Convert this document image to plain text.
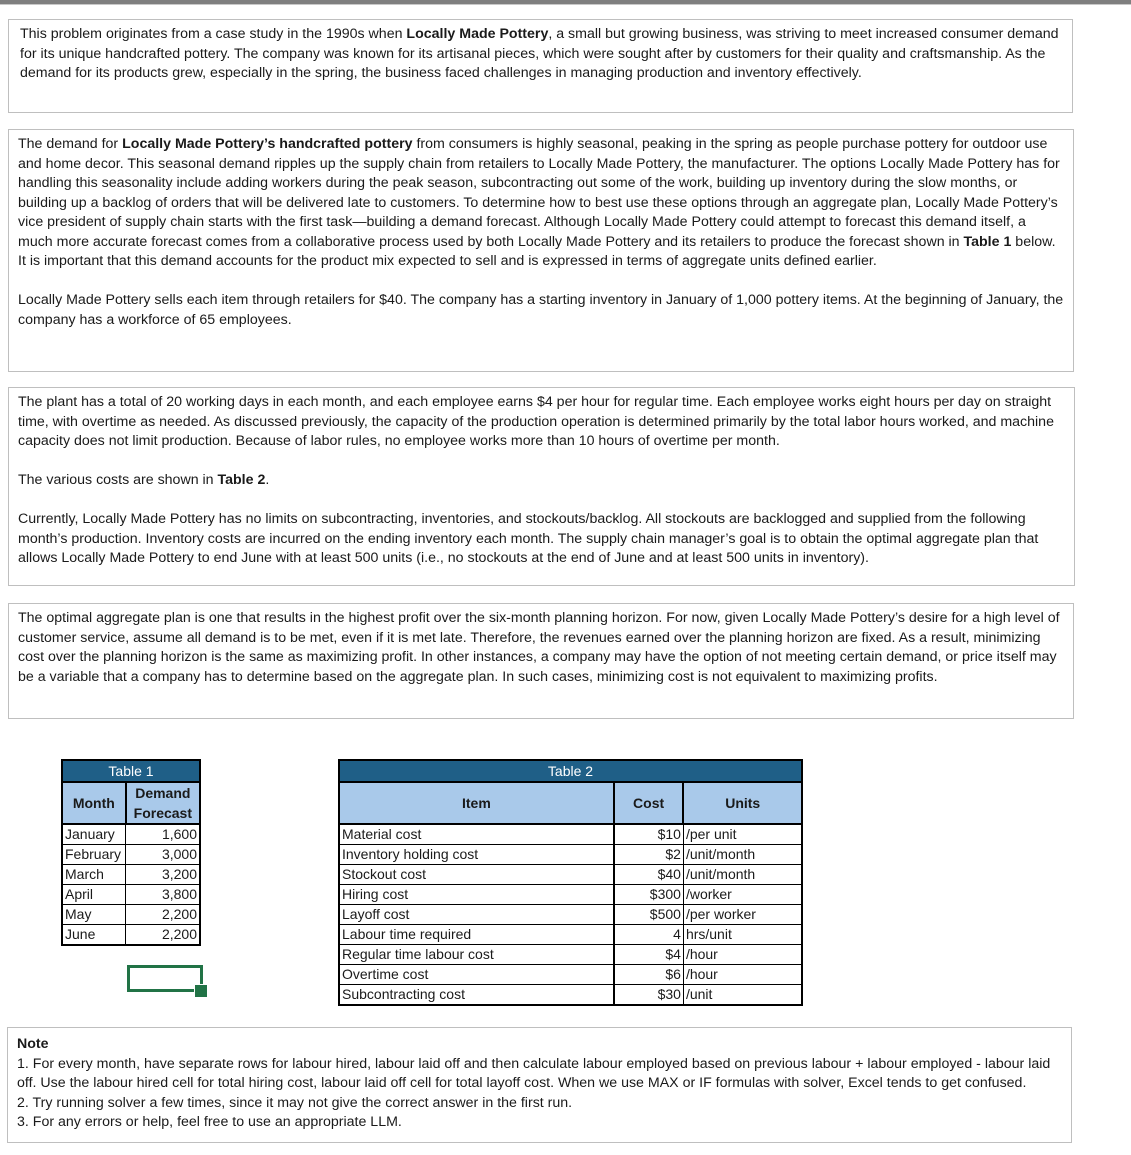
This problem originates from a case study in the 1990s when Locally Made Pottery, a small but growing business, was striving to meet increased consumer demand for its unique handcrafted pottery. The company was known for its artisanal pieces, which were sought after by customers for their quality and craftsmanship. As the demand for its products grew, especially in the spring, the business faced challenges in managing production and inventory effectively.

The demand for Locally Made Pottery’s handcrafted pottery from consumers is highly seasonal, peaking in the spring as people purchase pottery for outdoor use and home decor. This seasonal demand ripples up the supply chain from retailers to Locally Made Pottery, the manufacturer. The options Locally Made Pottery has for handling this seasonality include adding workers during the peak season, subcontracting out some of the work, building up inventory during the slow months, or building up a backlog of orders that will be delivered late to customers. To determine how to best use these options through an aggregate plan, Locally Made Pottery’s vice president of supply chain starts with the first task—building a demand forecast. Although Locally Made Pottery could attempt to forecast this demand itself, a much more accurate forecast comes from a collaborative process used by both Locally Made Pottery and its retailers to produce the forecast shown in Table 1 below. It is important that this demand accounts for the product mix expected to sell and is expressed in terms of aggregate units defined earlier.

Locally Made Pottery sells each item through retailers for $40. The company has a starting inventory in January of 1,000 pottery items. At the beginning of January, the company has a workforce of 65 employees.

The plant has a total of 20 working days in each month, and each employee earns $4 per hour for regular time. Each employee works eight hours per day on straight time, with overtime as needed. As discussed previously, the capacity of the production operation is determined primarily by the total labor hours worked, and machine capacity does not limit production. Because of labor rules, no employee works more than 10 hours of overtime per month.

The various costs are shown in Table 2.

Currently, Locally Made Pottery has no limits on subcontracting, inventories, and stockouts/backlog. All stockouts are backlogged and supplied from the following month’s production. Inventory costs are incurred on the ending inventory each month. The supply chain manager’s goal is to obtain the optimal aggregate plan that allows Locally Made Pottery to end June with at least 500 units (i.e., no stockouts at the end of June and at least 500 units in inventory).

The optimal aggregate plan is one that results in the highest profit over the six-month planning horizon. For now, given Locally Made Pottery’s desire for a high level of customer service, assume all demand is to be met, even if it is met late. Therefore, the revenues earned over the planning horizon are fixed. As a result, minimizing cost over the planning horizon is the same as maximizing profit. In other instances, a company may have the option of not meeting certain demand, or price itself may be a variable that a company has to determine based on the aggregate plan. In such cases, minimizing cost is not equivalent to maximizing profits.

Table 1	
Month	Demand
Forecast
January	1,600
February	3,000
March	3,200
April	3,800
May	2,200
June	2,200
Table 2		
Item	Cost	Units
Material cost	$10	/per unit
Inventory holding cost	$2	/unit/month
Stockout cost	$40	/unit/month
Hiring cost	$300	/worker
Layoff cost	$500	/per worker
Labour time required	4	hrs/unit
Regular time labour cost	$4	/hour
Overtime cost	$6	/hour
Subcontracting cost	$30	/unit
Note
1. For every month, have separate rows for labour hired, labour laid off and then calculate labour employed based on previous labour + labour employed - labour laid off. Use the labour hired cell for total hiring cost, labour laid off cell for total layoff cost. When we use MAX or IF formulas with solver, Excel tends to get confused.
2. Try running solver a few times, since it may not give the correct answer in the first run.
3. For any errors or help, feel free to use an appropriate LLM.
